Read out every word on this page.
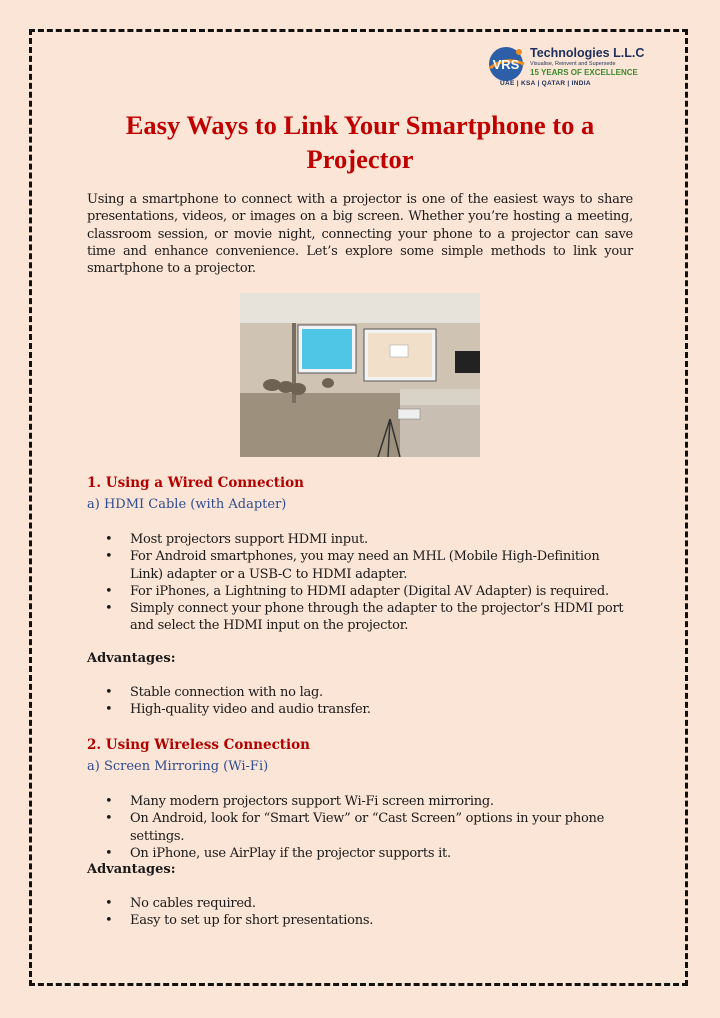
VRS
Technologies L.L.C
Visualise, Reinvent and Supersede
15 YEARS OF EXCELLENCE
UAE | KSA | QATAR | INDIA
Easy Ways to Link Your Smartphone to a Projector

Using a smartphone to connect with a projector is one of the easiest ways to share presentations, videos, or images on a big screen. Whether you’re hosting a meeting, classroom session, or movie night, connecting your phone to a projector can save time and enhance convenience. Let’s explore some simple methods to link your smartphone to a projector.

1. Using a Wired Connection
a) HDMI Cable (with Adapter)
• Most projectors support HDMI input.
• For Android smartphones, you may need an MHL (Mobile High-Definition Link) adapter or a USB-C to HDMI adapter.
• For iPhones, a Lightning to HDMI adapter (Digital AV Adapter) is required.
• Simply connect your phone through the adapter to the projector’s HDMI port and select the HDMI input on the projector.
Advantages:
• Stable connection with no lag.
• High-quality video and audio transfer.
2. Using Wireless Connection
a) Screen Mirroring (Wi-Fi)
• Many modern projectors support Wi-Fi screen mirroring.
• On Android, look for “Smart View” or “Cast Screen” options in your phone settings.
• On iPhone, use AirPlay if the projector supports it.
Advantages:
• No cables required.
• Easy to set up for short presentations.
